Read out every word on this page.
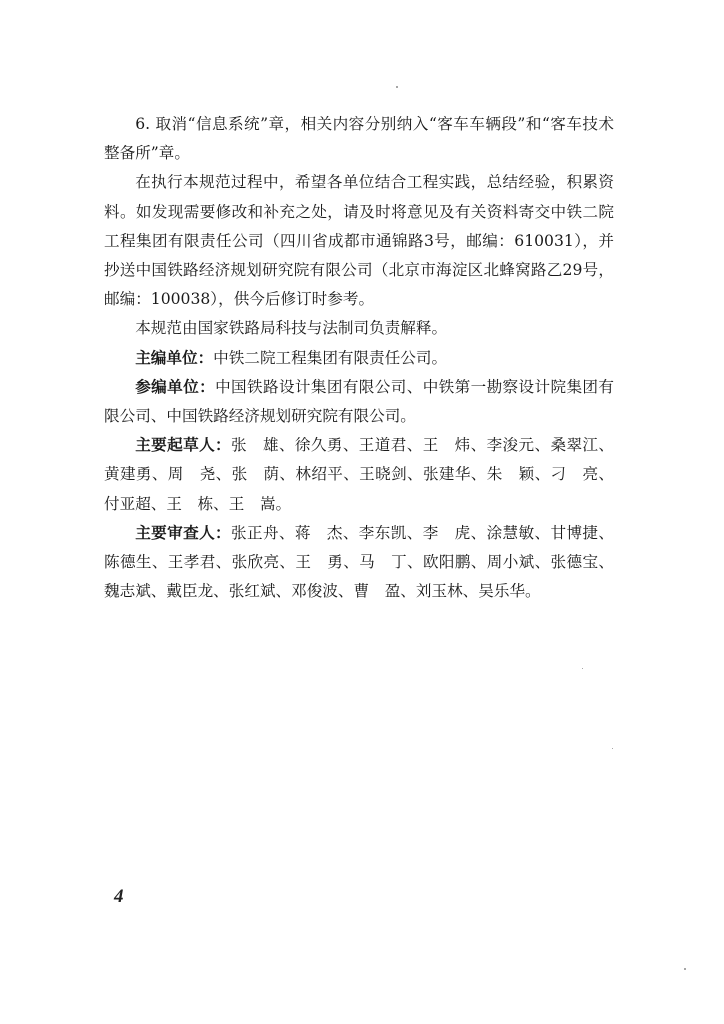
6. 取消“信息系统”章，相关内容分别纳入“客车车辆段”和“客车技术整备所”章。

在执行本规范过程中，希望各单位结合工程实践，总结经验，积累资料。如发现需要修改和补充之处，请及时将意见及有关资料寄交中铁二院工程集团有限责任公司（四川省成都市通锦路3号，邮编：610031），并抄送中国铁路经济规划研究院有限公司（北京市海淀区北蜂窝路乙29号，邮编：100038），供今后修订时参考。

本规范由国家铁路局科技与法制司负责解释。

主编单位：中铁二院工程集团有限责任公司。

参编单位：中国铁路设计集团有限公司、中铁第一勘察设计院集团有限公司、中国铁路经济规划研究院有限公司。

主要起草人：张　雄、徐久勇、王道君、王　炜、李浚元、桑翠江、黄建勇、周　尧、张　荫、林绍平、王晓剑、张建华、朱　颖、刁　亮、付亚超、王　栋、王　嵩。

主要审查人：张正舟、蒋　杰、李东凯、李　虎、涂慧敏、甘博捷、陈德生、王孝君、张欣亮、王　勇、马　丁、欧阳鹏、周小斌、张德宝、魏志斌、戴臣龙、张红斌、邓俊波、曹　盈、刘玉林、吴乐华。

4
